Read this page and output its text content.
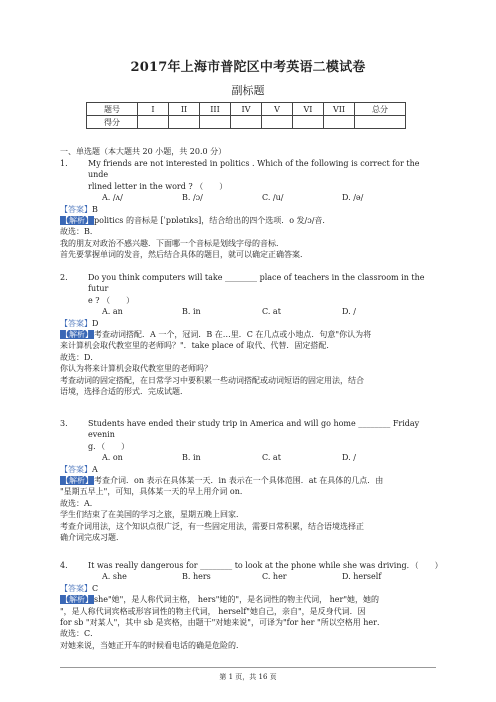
2017年上海市普陀区中考英语二模试卷
副标题
题号	I	II	III	IV	V	VI	VII	总分
得分								
一、单选题（本大题共 20 小题，共 20.0 分）
1.	My friends are not interested in politics . Which of the following is correct for the unde
rlined letter in the word ? （　　）
A. /ʌ/	B. /ɔ/	C. /u/	D. /ə/
【答案】B
【解析】politics 的音标是 [ˈpɒlətɪks]，结合给出的四个选项．o 发/ɔ/音．
故选：B．
我的朋友对政治不感兴趣．下面哪一个音标是划线字母的音标．
首先要掌握单词的发音，然后结合具体的题目，就可以确定正确答案．
2.	Do you think computers will take ________ place of teachers in the classroom in the futur
e ? （　　）
A. an	B. in	C. at	D. /
【答案】D
【解析】考查动词搭配．A 一个，冠词．B 在…里．C 在几点或小地点．句意"你认为将
来计算机会取代教室里的老师吗？"．take place of 取代、代替．固定搭配．
故选：D．
你认为将来计算机会取代教室里的老师吗？
考查动词的固定搭配，在日常学习中要积累一些动词搭配或动词短语的固定用法，结合
语境，选择合适的形式．完成试题．
3.	Students have ended their study trip in America and will go home ________ Friday evenin
g．（　　）
A. on	B. in	C. at	D. /
【答案】A
【解析】考查介词．on 表示在具体某一天．in 表示在一个具体范围．at 在具体的几点．由
"星期五早上"，可知，具体某一天的早上用介词 on．
故选：A．
学生们结束了在美国的学习之旅，星期五晚上回家．
考查介词用法，这个知识点很广泛，有一些固定用法，需要日常积累，结合语境选择正
确介词完成习题．
4.	It was really dangerous for ________ to look at the phone while she was driving．（　　）
A. she	B. hers	C. her	D. herself
【答案】C
【解析】she"她"，是人称代词主格， hers"她的"，是名词性的物主代词， her"她，她的
"，是人称代词宾格或形容词性的物主代词， herself"她自己，亲自"，是反身代词．因
for sb "对某人"，其中 sb 是宾格，由题干"对她来说"，可译为"for her "所以空格用 her．
故选：C．
对她来说，当她正开车的时候看电话的确是危险的．
第 1 页，共 16 页
